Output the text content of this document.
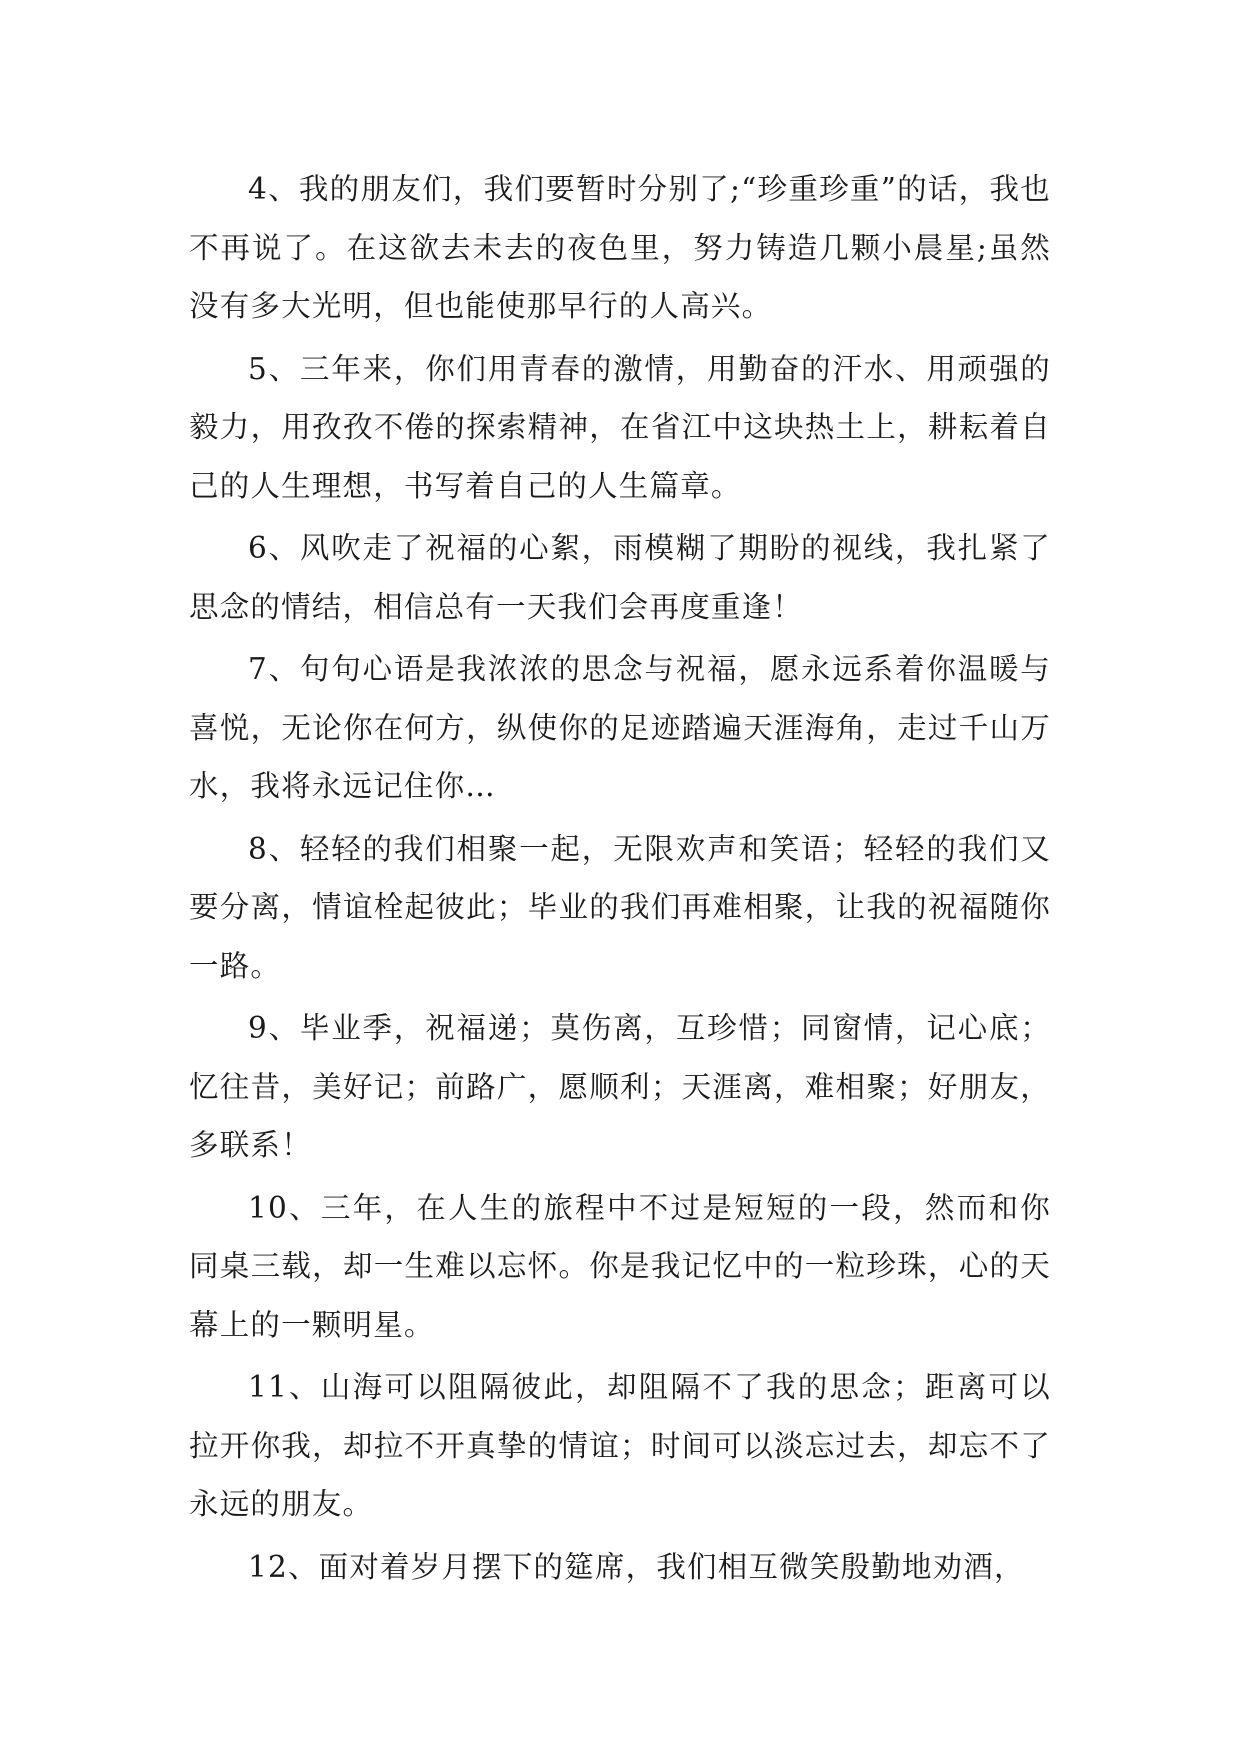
4、我的朋友们，我们要暂时分别了;“珍重珍重”的话，我也不再说了。在这欲去未去的夜色里，努力铸造几颗小晨星;虽然没有多大光明，但也能使那早行的人高兴。

5、三年来，你们用青春的激情，用勤奋的汗水、用顽强的毅力，用孜孜不倦的探索精神，在省江中这块热土上，耕耘着自己的人生理想，书写着自己的人生篇章。

6、风吹走了祝福的心絮，雨模糊了期盼的视线，我扎紧了思念的情结，相信总有一天我们会再度重逢！

7、句句心语是我浓浓的思念与祝福，愿永远系着你温暖与喜悦，无论你在何方，纵使你的足迹踏遍天涯海角，走过千山万水，我将永远记住你…

8、轻轻的我们相聚一起，无限欢声和笑语；轻轻的我们又要分离，情谊栓起彼此；毕业的我们再难相聚，让我的祝福随你一路。

9、毕业季，祝福递；莫伤离，互珍惜；同窗情，记心底；忆往昔，美好记；前路广，愿顺利；天涯离，难相聚；好朋友，多联系！

10、三年，在人生的旅程中不过是短短的一段，然而和你同桌三载，却一生难以忘怀。你是我记忆中的一粒珍珠，心的天幕上的一颗明星。

11、山海可以阻隔彼此，却阻隔不了我的思念；距离可以拉开你我，却拉不开真挚的情谊；时间可以淡忘过去，却忘不了永远的朋友。

12、面对着岁月摆下的筵席，我们相互微笑殷勤地劝酒，
